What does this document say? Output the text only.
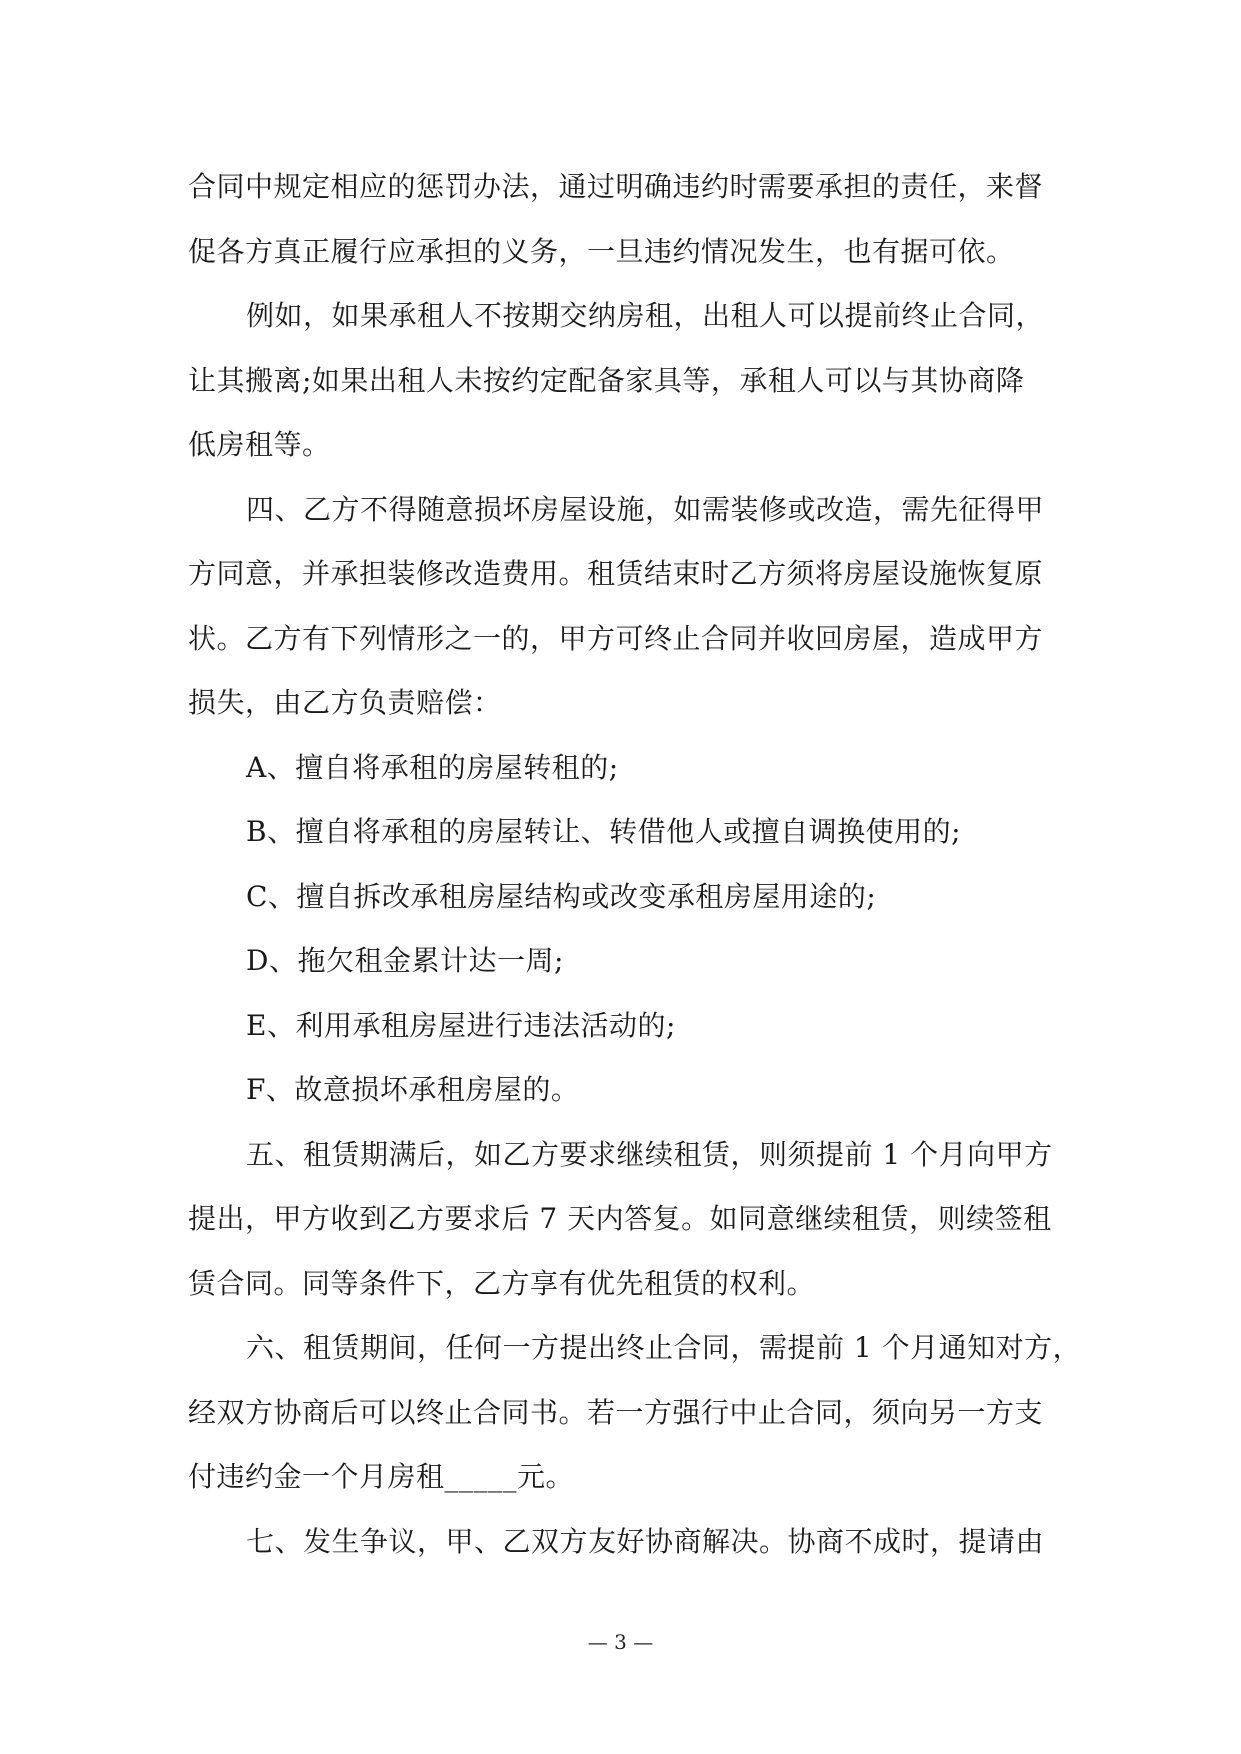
合同中规定相应的惩罚办法，通过明确违约时需要承担的责任，来督
促各方真正履行应承担的义务，一旦违约情况发生，也有据可依。
例如，如果承租人不按期交纳房租，出租人可以提前终止合同，
让其搬离;如果出租人未按约定配备家具等，承租人可以与其协商降
低房租等。
四、乙方不得随意损坏房屋设施，如需装修或改造，需先征得甲
方同意，并承担装修改造费用。租赁结束时乙方须将房屋设施恢复原
状。乙方有下列情形之一的，甲方可终止合同并收回房屋，造成甲方
损失，由乙方负责赔偿：
A、擅自将承租的房屋转租的;
B、擅自将承租的房屋转让、转借他人或擅自调换使用的;
C、擅自拆改承租房屋结构或改变承租房屋用途的;
D、拖欠租金累计达一周;
E、利用承租房屋进行违法活动的;
F、故意损坏承租房屋的。
五、租赁期满后，如乙方要求继续租赁，则须提前 1 个月向甲方
提出，甲方收到乙方要求后 7 天内答复。如同意继续租赁，则续签租
赁合同。同等条件下，乙方享有优先租赁的权利。
六、租赁期间，任何一方提出终止合同，需提前 1 个月通知对方，
经双方协商后可以终止合同书。若一方强行中止合同，须向另一方支
付违约金一个月房租_____元。
七、发生争议，甲、乙双方友好协商解决。协商不成时，提请由
— 3 —
